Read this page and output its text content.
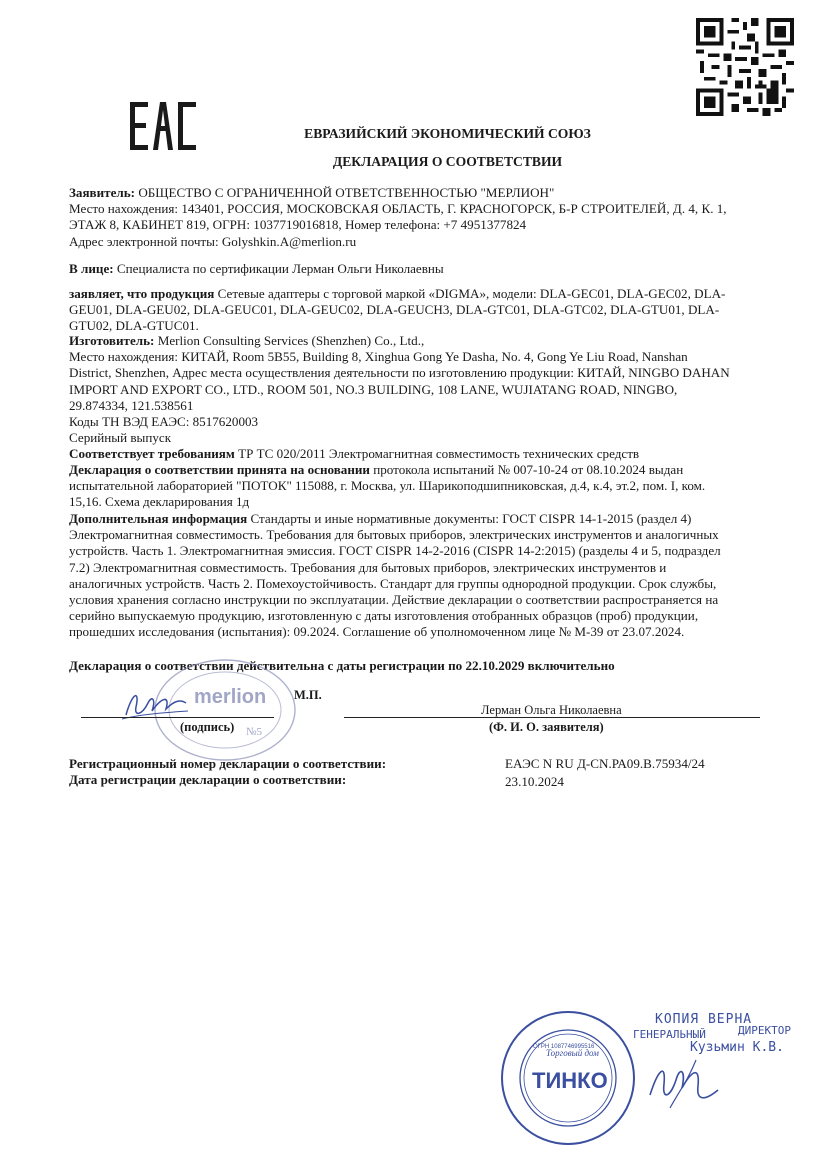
ЕВРАЗИЙСКИЙ ЭКОНОМИЧЕСКИЙ СОЮЗ
ДЕКЛАРАЦИЯ О СООТВЕТСТВИИ
Заявитель: ОБЩЕСТВО С ОГРАНИЧЕННОЙ ОТВЕТСТВЕННОСТЬЮ "МЕРЛИОН"
Место нахождения: 143401, РОССИЯ, МОСКОВСКАЯ ОБЛАСТЬ, Г. КРАСНОГОРСК, Б-Р СТРОИТЕЛЕЙ, Д. 4, К. 1,
ЭТАЖ 8, КАБИНЕТ 819, ОГРН: 1037719016818, Номер телефона: +7 4951377824
Адрес электронной почты: Golyshkin.A@merlion.ru
В лице: Специалиста по сертификации Лерман Ольги Николаевны
заявляет, что продукция Сетевые адаптеры с торговой маркой «DIGMA», модели: DLA-GEC01, DLA-GEC02, DLA-
GEU01, DLA-GEU02, DLA-GEUC01, DLA-GEUC02, DLA-GEUCH3, DLA-GTC01, DLA-GTC02, DLA-GTU01, DLA-
GTU02, DLA-GTUC01.
Изготовитель: Merlion Consulting Services (Shenzhen) Co., Ltd.,
Место нахождения: КИТАЙ, Room 5B55, Building 8, Xinghua Gong Ye Dasha, No. 4, Gong Ye Liu Road, Nanshan
District, Shenzhen, Адрес места осуществления деятельности по изготовлению продукции: КИТАЙ, NINGBO DAHAN
IMPORT AND EXPORT CO., LTD., ROOM 501, NO.3 BUILDING, 108 LANE, WUJIATANG ROAD, NINGBO,
29.874334, 121.538561
Коды ТН ВЭД ЕАЭС: 8517620003
Серийный выпуск
Соответствует требованиям ТР ТС 020/2011 Электромагнитная совместимость технических средств
Декларация о соответствии принята на основании протокола испытаний № 007-10-24 от 08.10.2024 выдан
испытательной лабораторией "ПОТОК" 115088, г. Москва, ул. Шарикоподшипниковская, д.4, к.4, эт.2, пом. I, ком.
15,16. Схема декларирования 1д
Дополнительная информация Стандарты и иные нормативные документы: ГОСТ CISPR 14-1-2015 (раздел 4)
Электромагнитная совместимость. Требования для бытовых приборов, электрических инструментов и аналогичных
устройств. Часть 1. Электромагнитная эмиссия. ГОСТ CISPR 14-2-2016 (CISPR 14-2:2015) (разделы 4 и 5, подраздел
7.2) Электромагнитная совместимость. Требования для бытовых приборов, электрических инструментов и
аналогичных устройств. Часть 2. Помехоустойчивость. Стандарт для группы однородной продукции. Срок службы,
условия хранения согласно инструкции по эксплуатации. Действие декларации о соответствии распространяется на
серийно выпускаемую продукцию, изготовленную с даты изготовления отобранных образцов (проб) продукции,
прошедших исследования (испытания): 09.2024. Соглашение об уполномоченном лице № М-39 от 23.07.2024.
Декларация о соответствии действительна с даты регистрации по 22.10.2029 включительно
merlion
№5
М.П.
Лерман Ольга Николаевна
(подпись)	(Ф. И. О. заявителя)
Регистрационный номер декларации о соответствии:	ЕАЭС N RU Д-CN.РА09.В.75934/24
Дата регистрации декларации о соответствии:	23.10.2024
КОПИЯ ВЕРНА
ГЕНЕРАЛЬНЫЙ	ДИРЕКТОР
Кузьмин К.В.
Торговый дом
ОГРН 1087746995516
ТИНКО
